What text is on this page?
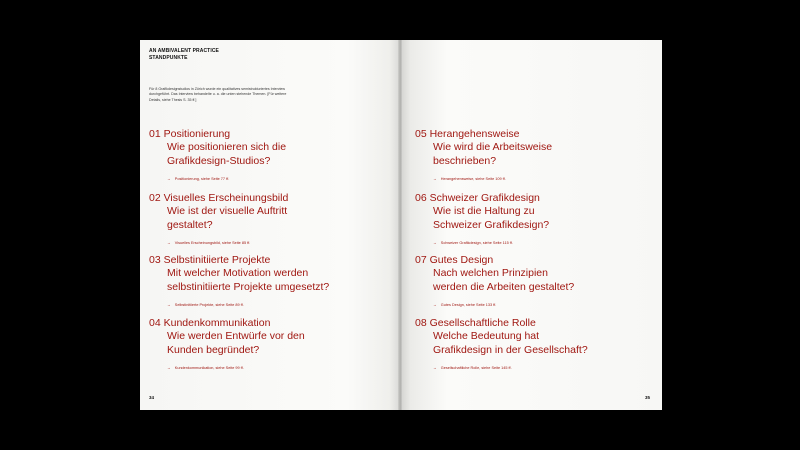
AN AMBIVALENT PRACTICE
STANDPUNKTE
Für 8 Grafikdesignstudios in Zürich wurde ein qualitatives semistrukturiertes Interview durchgeführt. Das Interview behandelte u. a. die unten stehende Themen. [Für weitere Details, siehe Thesis S. 35 ff.]
01 Positionierung
Wie positionieren sich die
Grafikdesign-Studios?
→ Positionierung, siehe Seite 77 ff.
02 Visuelles Erscheinungsbild
Wie ist der visuelle Auftritt
gestaltet?
→ Visuelles Erscheinungsbild, siehe Seite 85 ff.
03 Selbstinitiierte Projekte
Mit welcher Motivation werden
selbstinitiierte Projekte umgesetzt?
→ Selbstinitiierte Projekte, siehe Seite 89 ff.
04 Kundenkommunikation
Wie werden Entwürfe vor den
Kunden begründet?
→ Kundenkommunikation, siehe Seite 99 ff.
34
05 Herangehensweise
Wie wird die Arbeitsweise
beschrieben?
→ Herangehensweise, siehe Seite 109 ff.
06 Schweizer Grafikdesign
Wie ist die Haltung zu
Schweizer Grafikdesign?
→ Schweizer Grafikdesign, siehe Seite 115 ff.
07 Gutes Design
Nach welchen Prinzipien
werden die Arbeiten gestaltet?
→ Gutes Design, siehe Seite 133 ff.
08 Gesellschaftliche Rolle
Welche Bedeutung hat
Grafikdesign in der Gesellschaft?
→ Gesellschaftliche Rolle, siehe Seite 145 ff.
35
